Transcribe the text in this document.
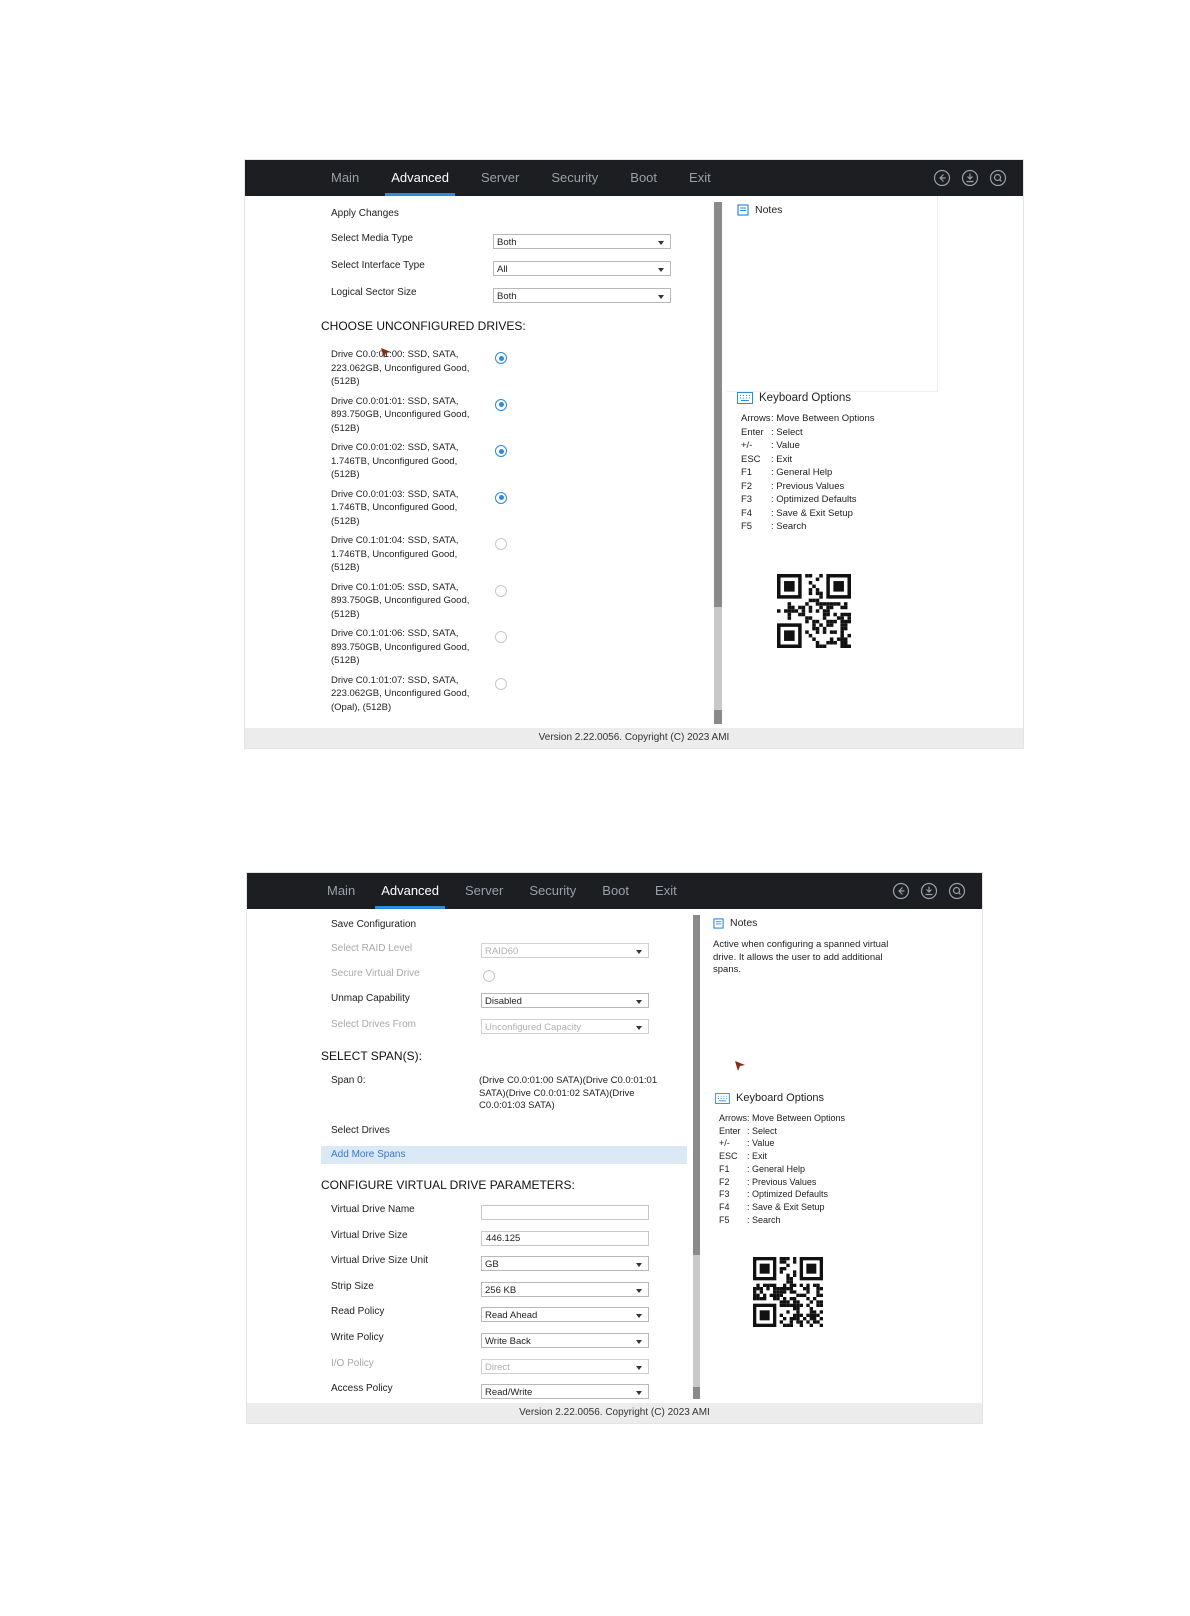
Main	Advanced	Server	Security	Boot	Exit
Apply Changes
Select Media Type	Both
Select Interface Type	All
Logical Sector Size	Both
CHOOSE UNCONFIGURED DRIVES:
Drive C0.0:01:00: SSD, SATA, 223.062GB, Unconfigured Good, (512B)
Drive C0.0:01:01: SSD, SATA, 893.750GB, Unconfigured Good, (512B)
Drive C0.0:01:02: SSD, SATA, 1.746TB, Unconfigured Good, (512B)
Drive C0.0:01:03: SSD, SATA, 1.746TB, Unconfigured Good, (512B)
Drive C0.1:01:04: SSD, SATA, 1.746TB, Unconfigured Good, (512B)
Drive C0.1:01:05: SSD, SATA, 893.750GB, Unconfigured Good, (512B)
Drive C0.1:01:06: SSD, SATA, 893.750GB, Unconfigured Good, (512B)
Drive C0.1:01:07: SSD, SATA, 223.062GB, Unconfigured Good, (Opal), (512B)
Notes
Keyboard Options
Arrows : Move Between Options
Enter : Select
+/-	: Value
ESC	: Exit
F1	: General Help
F2	: Previous Values
F3	: Optimized Defaults
F4	: Save & Exit Setup
F5	: Search
Version 2.22.0056. Copyright (C) 2023 AMI
Main	Advanced	Server	Security	Boot	Exit
Save Configuration
Select RAID Level	RAID60
Secure Virtual Drive
Unmap Capability	Disabled
Select Drives From	Unconfigured Capacity
SELECT SPAN(S):
Span 0:	(Drive C0.0:01:00 SATA)(Drive C0.0:01:01 SATA)(Drive C0.0:01:02 SATA)(Drive C0.0:01:03 SATA)
Select Drives
Add More Spans
CONFIGURE VIRTUAL DRIVE PARAMETERS:
Virtual Drive Name
Virtual Drive Size	446.125
Virtual Drive Size Unit	GB
Strip Size	256 KB
Read Policy	Read Ahead
Write Policy	Write Back
I/O Policy	Direct
Access Policy	Read/Write
Notes
Active when configuring a spanned virtual drive. It allows the user to add additional spans.
Keyboard Options
Arrows : Move Between Options
Enter : Select
+/-	: Value
ESC	: Exit
F1	: General Help
F2	: Previous Values
F3	: Optimized Defaults
F4	: Save & Exit Setup
F5	: Search
Version 2.22.0056. Copyright (C) 2023 AMI
